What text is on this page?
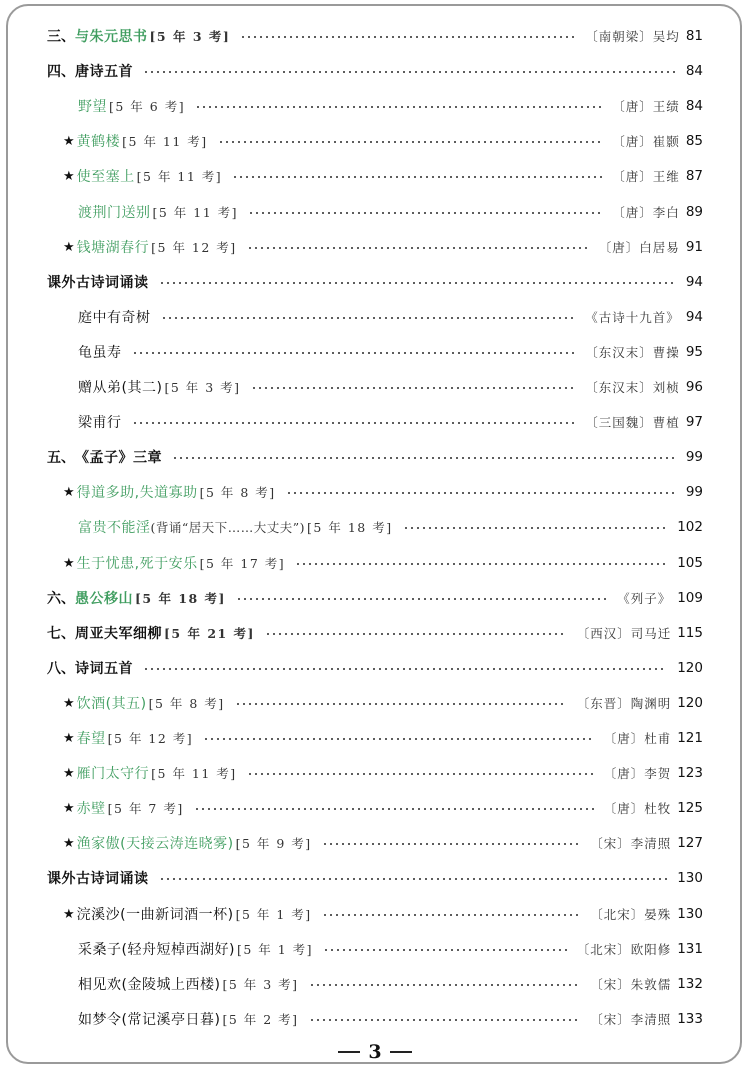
三、 与朱元思书 [5 年 3 考]	〔南朝梁〕吴均 81
四、 唐诗五首	84
野望 [5 年 6 考]	〔唐〕王绩 84
★ 黄鹤楼 [5 年 11 考]	〔唐〕崔颢 85
★ 使至塞上 [5 年 11 考]	〔唐〕王维 87
渡荆门送别 [5 年 11 考]	〔唐〕李白 89
★ 钱塘湖春行 [5 年 12 考]	〔唐〕白居易 91
课外古诗词诵读	94
庭中有奇树	《古诗十九首》 94
龟虽寿	〔东汉末〕曹操 95
赠从弟(其二) [5 年 3 考]	〔东汉末〕刘桢 96
梁甫行	〔三国魏〕曹植 97
五、 《孟子》三章	99
★ 得道多助,失道寡助 [5 年 8 考]	99
富贵不能淫 (背诵“居天下……大丈夫”) [5 年 18 考]	102
★ 生于忧患,死于安乐 [5 年 17 考]	105
六、 愚公移山 [5 年 18 考]	《列子》 109
七、 周亚夫军细柳 [5 年 21 考]	〔西汉〕司马迁 115
八、 诗词五首	120
★ 饮酒(其五) [5 年 8 考]	〔东晋〕陶渊明 120
★ 春望 [5 年 12 考]	〔唐〕杜甫 121
★ 雁门太守行 [5 年 11 考]	〔唐〕李贺 123
★ 赤壁 [5 年 7 考]	〔唐〕杜牧 125
★ 渔家傲(天接云涛连晓雾) [5 年 9 考]	〔宋〕李清照 127
课外古诗词诵读	130
★ 浣溪沙(一曲新词酒一杯) [5 年 1 考]	〔北宋〕晏殊 130
采桑子(轻舟短棹西湖好) [5 年 1 考]	〔北宋〕欧阳修 131
相见欢(金陵城上西楼) [5 年 3 考]	〔宋〕朱敦儒 132
如梦令(常记溪亭日暮) [5 年 2 考]	〔宋〕李清照 133
3
